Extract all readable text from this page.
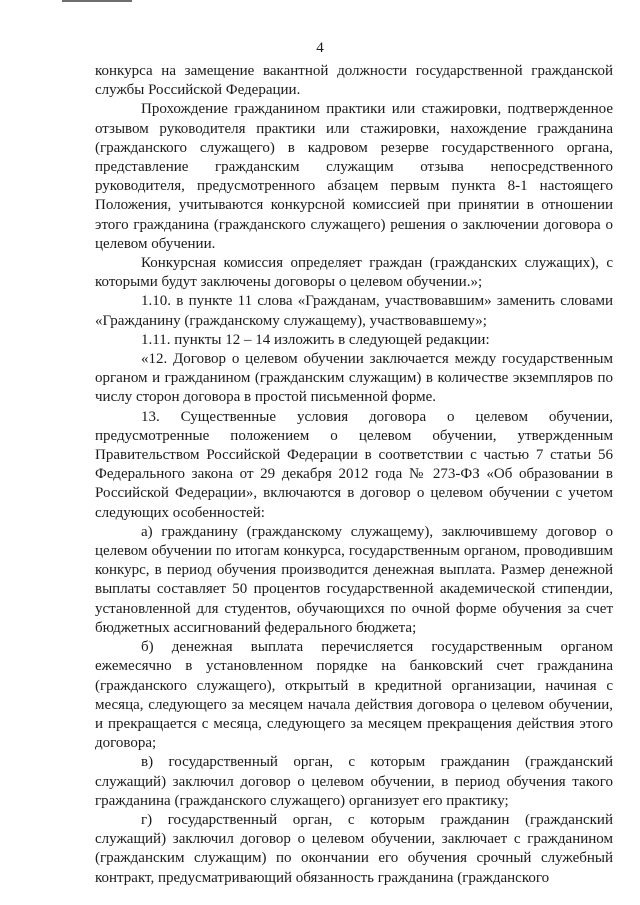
4

конкурса на замещение вакантной должности государственной гражданской службы Российской Федерации.

Прохождение гражданином практики или стажировки, подтвержденное отзывом руководителя практики или стажировки, нахождение гражданина (гражданского служащего) в кадровом резерве государственного органа, представление гражданским служащим отзыва непосредственного руководителя, предусмотренного абзацем первым пункта 8-1 настоящего Положения, учитываются конкурсной комиссией при принятии в отношении этого гражданина (гражданского служащего) решения о заключении договора о целевом обучении.

Конкурсная комиссия определяет граждан (гражданских служащих), с которыми будут заключены договоры о целевом обучении.»;

1.10. в пункте 11 слова «Гражданам, участвовавшим» заменить словами «Гражданину (гражданскому служащему), участвовавшему»;

1.11. пункты 12 – 14 изложить в следующей редакции:

«12. Договор о целевом обучении заключается между государственным органом и гражданином (гражданским служащим) в количестве экземпляров по числу сторон договора в простой письменной форме.

13. Существенные условия договора о целевом обучении, предусмотренные положением о целевом обучении, утвержденным Правительством Российской Федерации в соответствии с частью 7 статьи 56 Федерального закона от 29 декабря 2012 года № 273-ФЗ «Об образовании в Российской Федерации», включаются в договор о целевом обучении с учетом следующих особенностей:

а) гражданину (гражданскому служащему), заключившему договор о целевом обучении по итогам конкурса, государственным органом, проводившим конкурс, в период обучения производится денежная выплата. Размер денежной выплаты составляет 50 процентов государственной академической стипендии, установленной для студентов, обучающихся по очной форме обучения за счет бюджетных ассигнований федерального бюджета;

б) денежная выплата перечисляется государственным органом ежемесячно в установленном порядке на банковский счет гражданина (гражданского служащего), открытый в кредитной организации, начиная с месяца, следующего за месяцем начала действия договора о целевом обучении, и прекращается с месяца, следующего за месяцем прекращения действия этого договора;

в) государственный орган, с которым гражданин (гражданский служащий) заключил договор о целевом обучении, в период обучения такого гражданина (гражданского служащего) организует его практику;

г) государственный орган, с которым гражданин (гражданский служащий) заключил договор о целевом обучении, заключает с гражданином (гражданским служащим) по окончании его обучения срочный служебный контракт, предусматривающий обязанность гражданина (гражданского
